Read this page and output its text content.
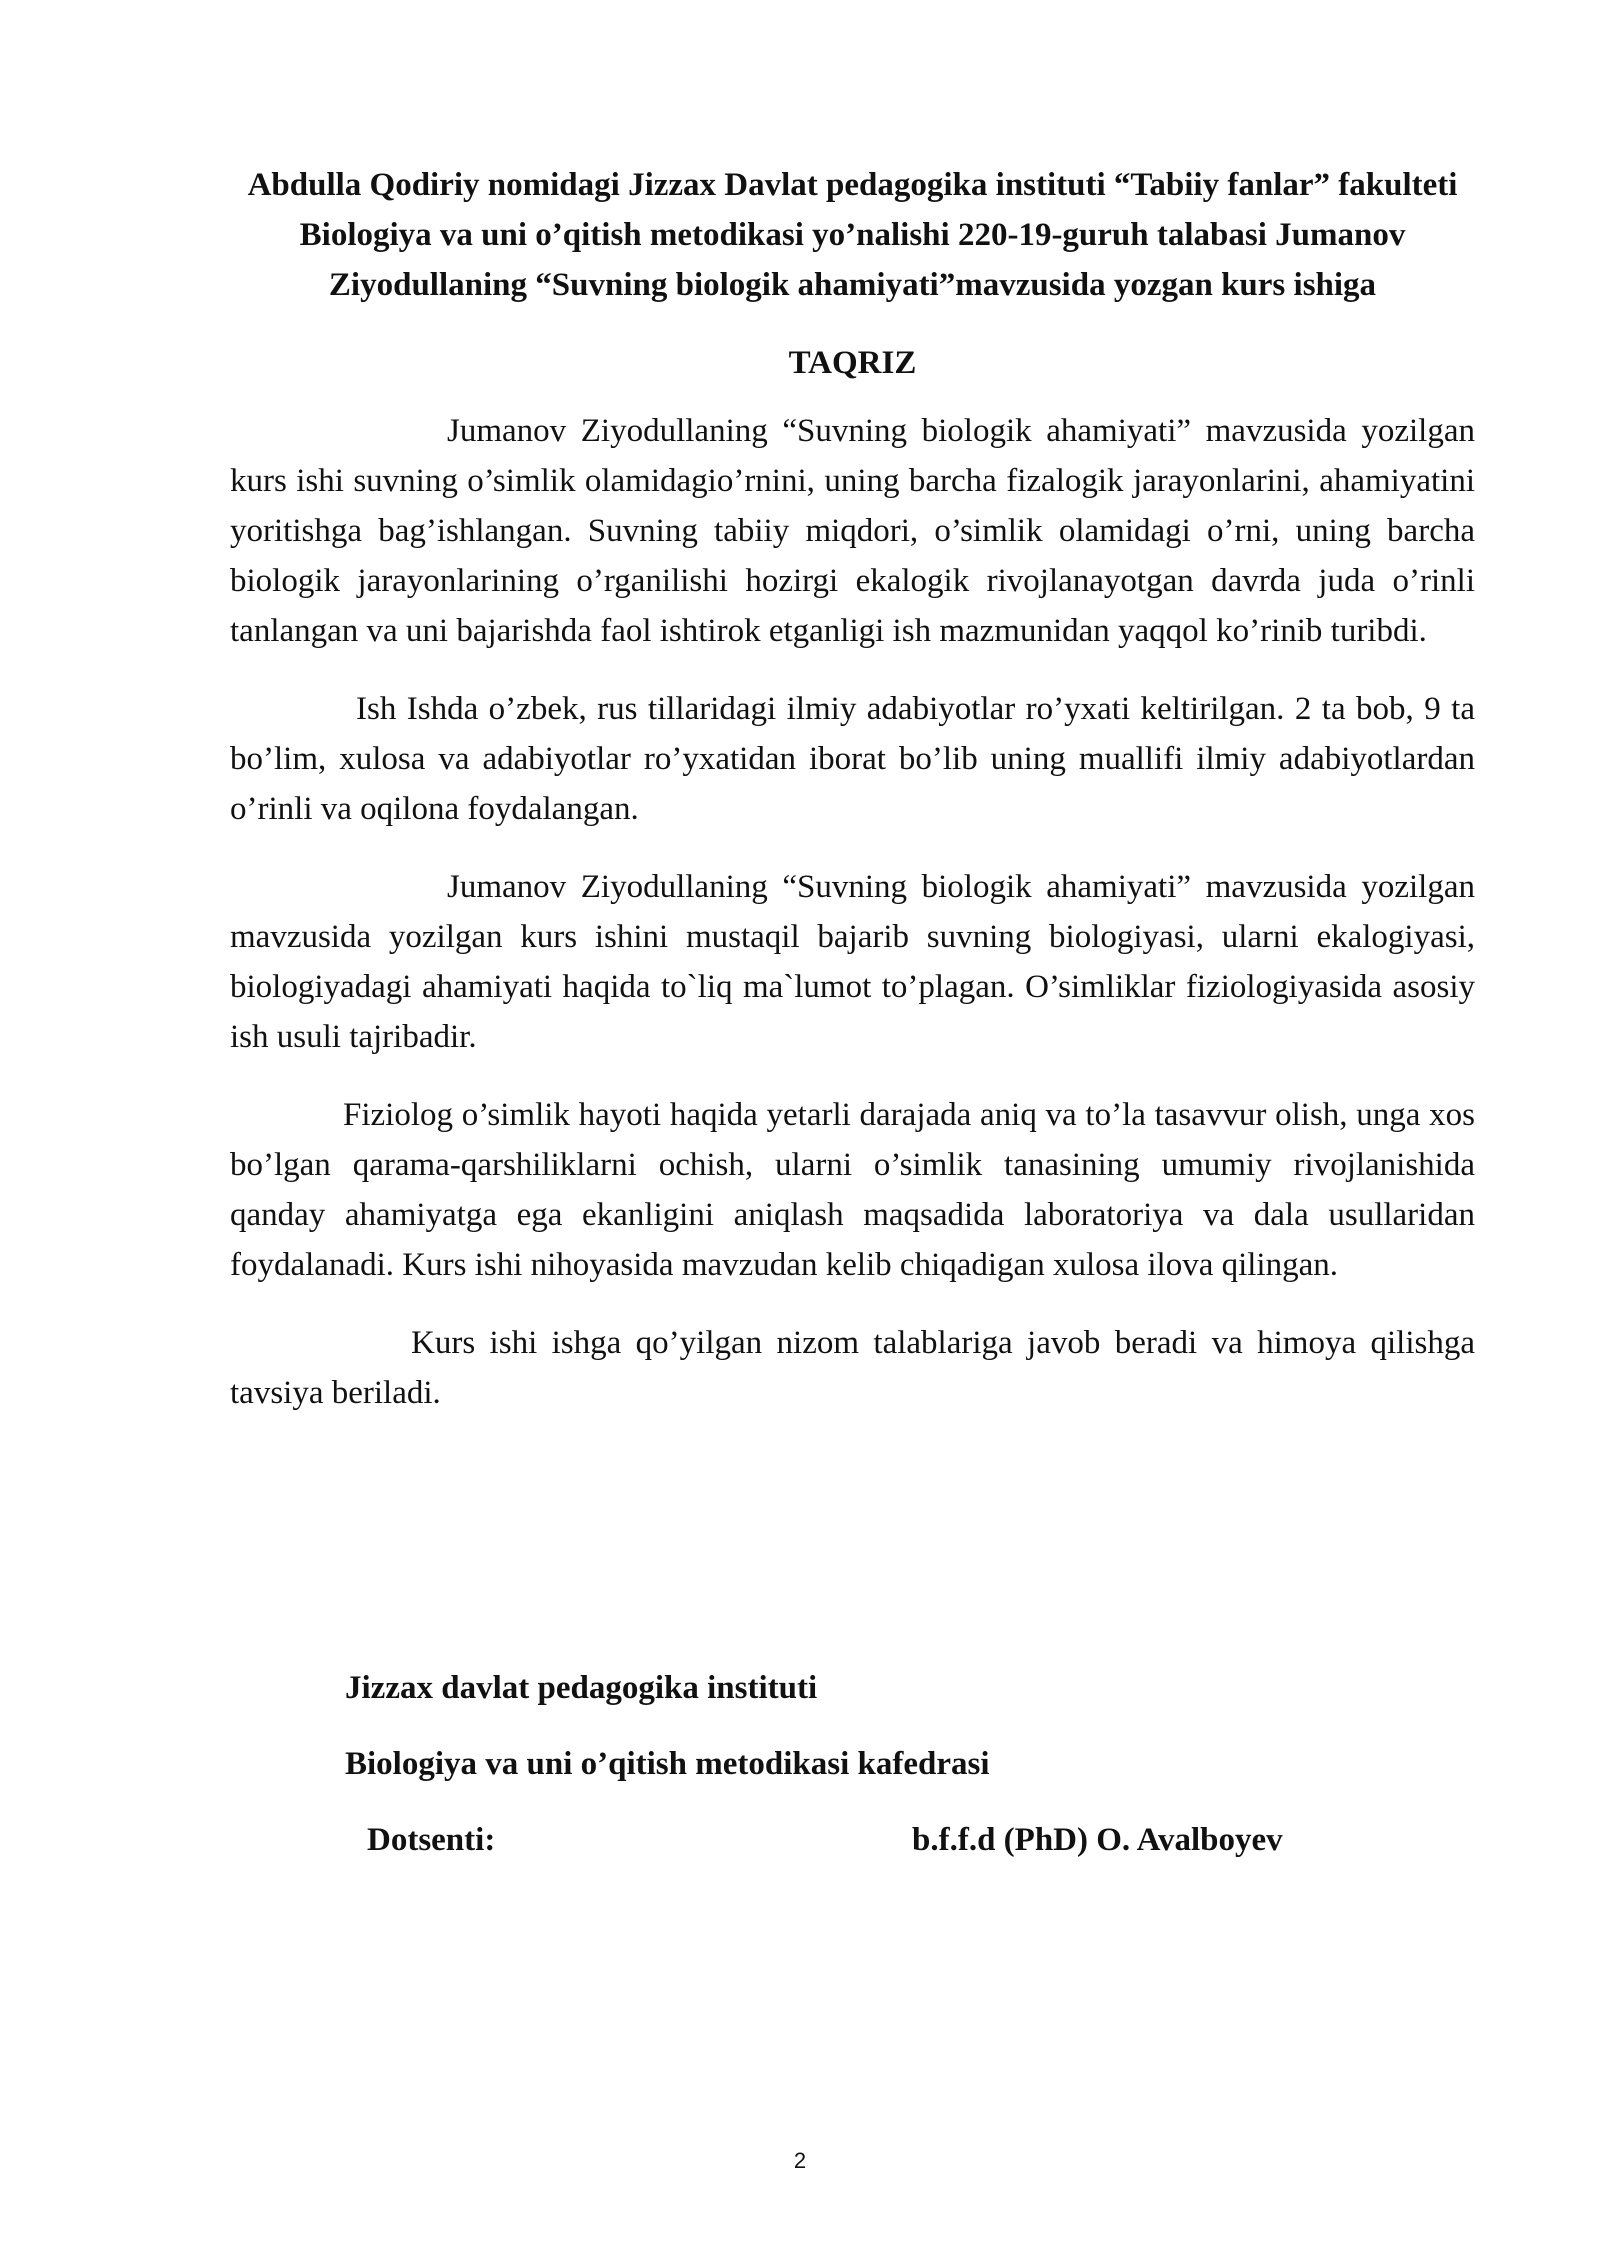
Abdulla Qodiriy nomidagi Jizzax Davlat pedagogika instituti “Tabiiy fanlar” fakulteti Biologiya va uni o’qitish metodikasi yo’nalishi 220-19-guruh talabasi Jumanov Ziyodullaning “Suvning biologik ahamiyati”mavzusida yozgan kurs ishiga

TAQRIZ

Jumanov Ziyodullaning “Suvning biologik ahamiyati” mavzusida yozilgan kurs ishi suvning o’simlik olamidagio’rnini, uning barcha fizalogik jarayonlarini, ahamiyatini yoritishga bag’ishlangan. Suvning tabiiy miqdori, o’simlik olamidagi o’rni, uning barcha biologik jarayonlarining o’rganilishi hozirgi ekalogik rivojlanayotgan davrda juda o’rinli tanlangan va uni bajarishda faol ishtirok etganligi ish mazmunidan yaqqol ko’rinib turibdi.

Ish Ishda o’zbek, rus tillaridagi ilmiy adabiyotlar ro’yxati keltirilgan. 2 ta bob, 9 ta bo’lim, xulosa va adabiyotlar ro’yxatidan iborat bo’lib uning muallifi ilmiy adabiyotlardan o’rinli va oqilona foydalangan.

Jumanov Ziyodullaning “Suvning biologik ahamiyati” mavzusida yozilgan mavzusida yozilgan kurs ishini mustaqil bajarib suvning biologiyasi, ularni ekalogiyasi, biologiyadagi ahamiyati haqida to`liq ma`lumot to’plagan. O’simliklar fiziologiyasida asosiy ish usuli tajribadir.

Fiziolog o’simlik hayoti haqida yetarli darajada aniq va to’la tasavvur olish, unga xos bo’lgan qarama-qarshiliklarni ochish, ularni o’simlik tanasining umumiy rivojlanishida qanday ahamiyatga ega ekanligini aniqlash maqsadida laboratoriya va dala usullaridan foydalanadi. Kurs ishi nihoyasida mavzudan kelib chiqadigan xulosa ilova qilingan.

Kurs ishi ishga qo’yilgan nizom talablariga javob beradi va himoya qilishga tavsiya beriladi.

Jizzax davlat pedagogika instituti

Biologiya va uni o’qitish metodikasi kafedrasi

Dotsenti:	b.f.f.d (PhD) O. Avalboyev
2
